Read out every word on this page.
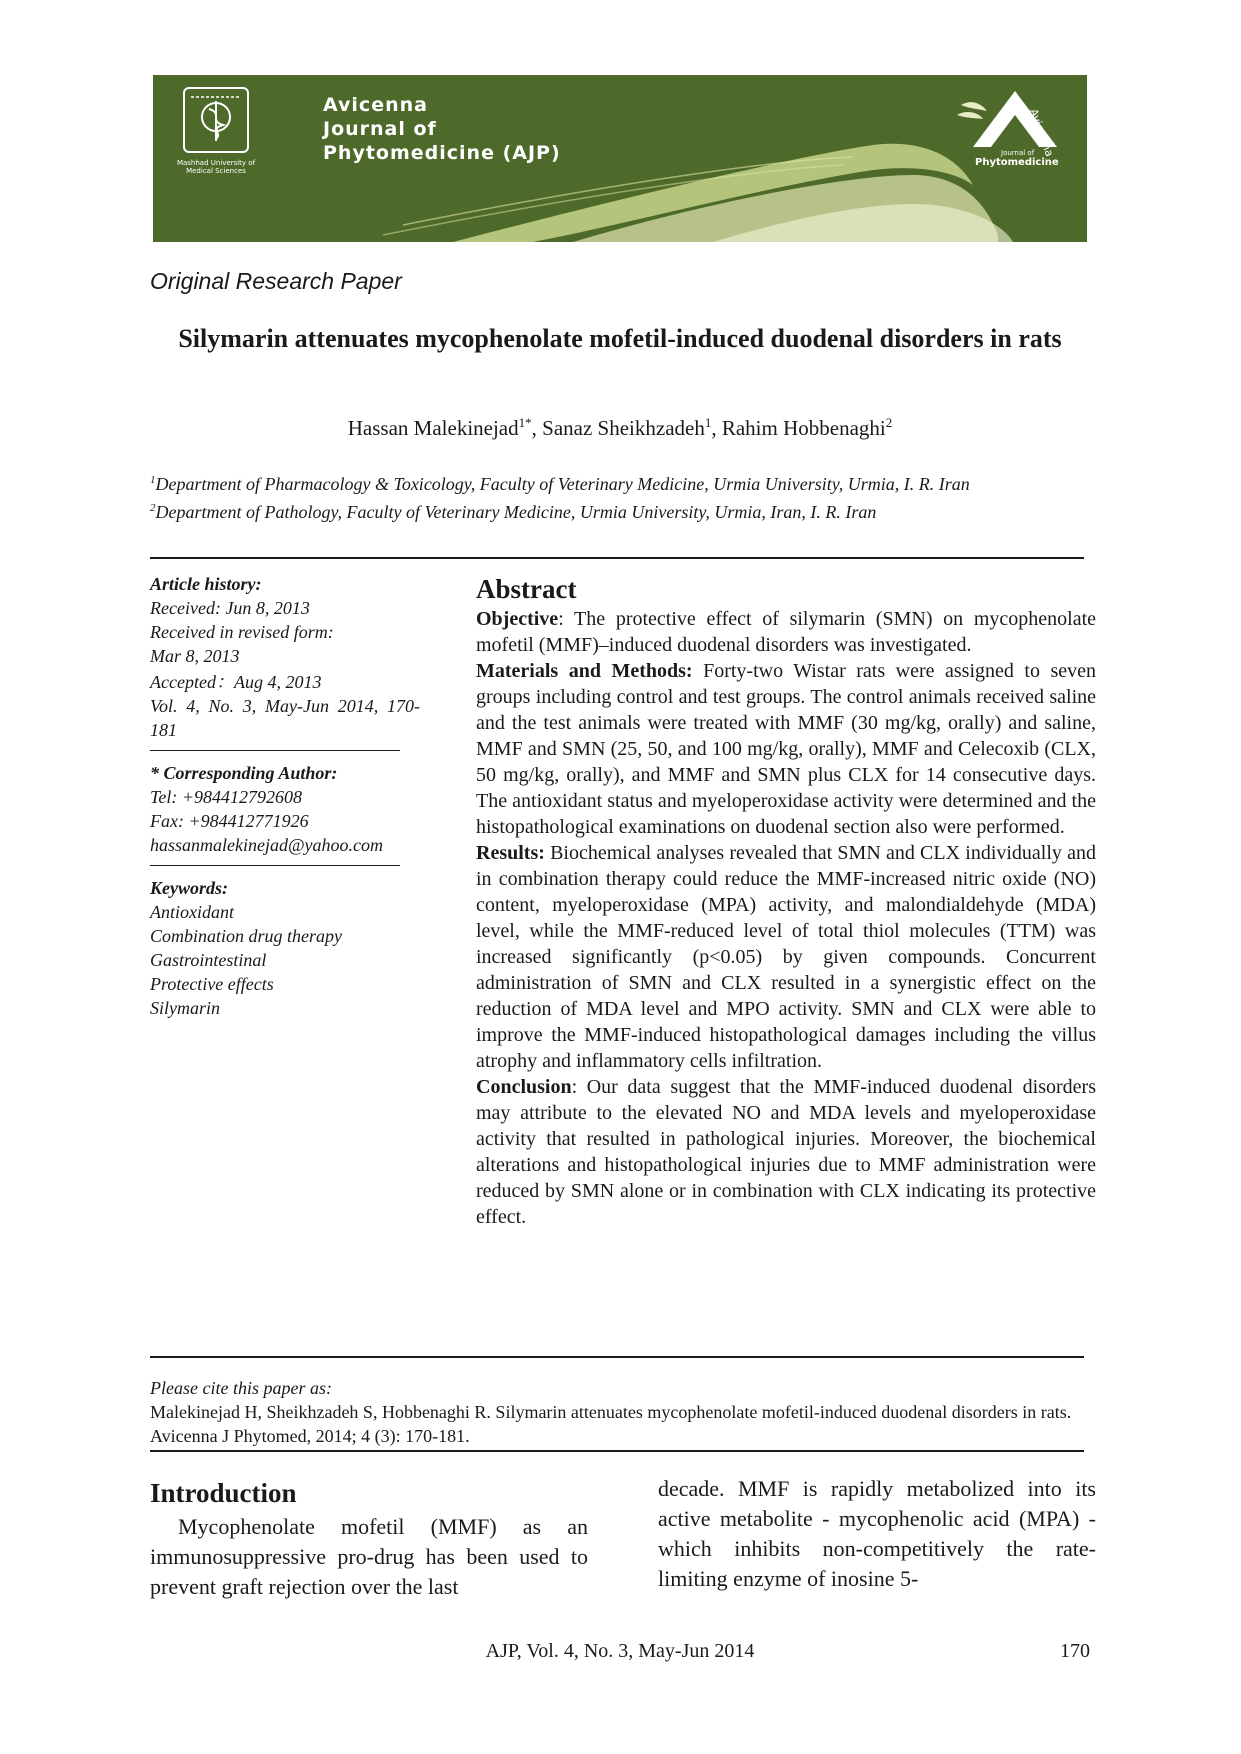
Mashhad University of Medical Sciences
Avicenna
Journal of
Phytomedicine (AJP)	Avicenna
Journal of
Phytomedicine
Original Research Paper
Silymarin attenuates mycophenolate mofetil-induced duodenal disorders in rats
Hassan Malekinejad$^{1*}$, Sanaz Sheikhzadeh$^1$, Rahim Hobbenaghi$^2$
$^1$Department of Pharmacology & Toxicology, Faculty of Veterinary Medicine, Urmia University, Urmia, I. R. Iran
$^2$Department of Pathology, Faculty of Veterinary Medicine, Urmia University, Urmia, Iran, I. R. Iran
Article history:
Received: Jun 8, 2013
Received in revised form:
Mar 8, 2013
Accepted：Aug 4, 2013
Vol. 4, No. 3, May-Jun 2014, 170-181
* Corresponding Author:
Tel: +984412792608
Fax: +984412771926
hassanmalekinejad@yahoo.com
Keywords:
Antioxidant
Combination drug therapy
Gastrointestinal
Protective effects
Silymarin
Abstract

Objective: The protective effect of silymarin (SMN) on mycophenolate mofetil (MMF)–induced duodenal disorders was investigated.

Materials and Methods: Forty-two Wistar rats were assigned to seven groups including control and test groups. The control animals received saline and the test animals were treated with MMF (30 mg/kg, orally) and saline, MMF and SMN (25, 50, and 100 mg/kg, orally), MMF and Celecoxib (CLX, 50 mg/kg, orally), and MMF and SMN plus CLX for 14 consecutive days. The antioxidant status and myeloperoxidase activity were determined and the histopathological examinations on duodenal section also were performed.

Results: Biochemical analyses revealed that SMN and CLX individually and in combination therapy could reduce the MMF-increased nitric oxide (NO) content, myeloperoxidase (MPA) activity, and malondialdehyde (MDA) level, while the MMF-reduced level of total thiol molecules (TTM) was increased significantly (p<0.05) by given compounds. Concurrent administration of SMN and CLX resulted in a synergistic effect on the reduction of MDA level and MPO activity. SMN and CLX were able to improve the MMF-induced histopathological damages including the villus atrophy and inflammatory cells infiltration.

Conclusion: Our data suggest that the MMF-induced duodenal disorders may attribute to the elevated NO and MDA levels and myeloperoxidase activity that resulted in pathological injuries. Moreover, the biochemical alterations and histopathological injuries due to MMF administration were reduced by SMN alone or in combination with CLX indicating its protective effect.

Please cite this paper as:
Malekinejad H, Sheikhzadeh S, Hobbenaghi R. Silymarin attenuates mycophenolate mofetil-induced duodenal disorders in rats. Avicenna J Phytomed, 2014; 4 (3): 170-181.
Introduction

Mycophenolate mofetil (MMF) as an immunosuppressive pro-drug has been used to prevent graft rejection over the last

decade. MMF is rapidly metabolized into its active metabolite - mycophenolic acid (MPA) - which inhibits non-competitively the rate-limiting enzyme of inosine 5-

AJP, Vol. 4, No. 3, May-Jun 2014	170
